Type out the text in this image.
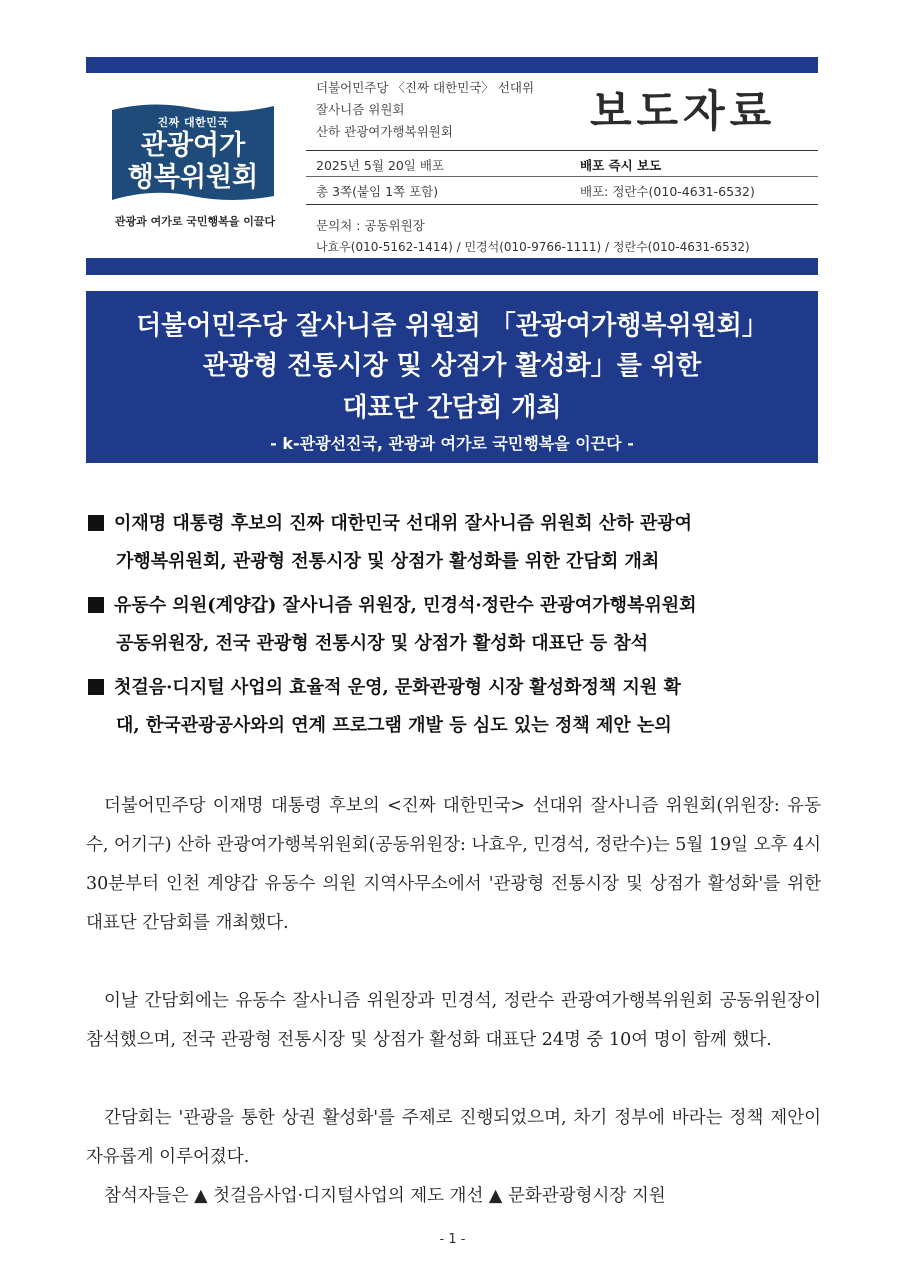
진짜 대한민국
관광여가
행복위원회
관광과 여가로 국민행복을 이끌다
더불어민주당 〈진짜 대한민국〉 선대위
잘사니즘 위원회
산하 관광여가행복위원회	보도자료
2025년 5월 20일 배포	배포 즉시 보도
총 3쪽(붙임 1쪽 포함)	배포: 정란수(010-4631-6532)
문의처 : 공동위원장
나효우(010-5162-1414) / 민경석(010-9766-1111) / 정란수(010-4631-6532)
더불어민주당 잘사니즘 위원회 「관광여가행복위원회」
관광형 전통시장 및 상점가 활성화」를 위한
대표단 간담회 개최
- k-관광선진국, 관광과 여가로 국민행복을 이끈다 -
이재명 대통령 후보의 진짜 대한민국 선대위 잘사니즘 위원회 산하 관광여
가행복위원회, 관광형 전통시장 및 상점가 활성화를 위한 간담회 개최
유동수 의원(계양갑) 잘사니즘 위원장, 민경석·정란수 관광여가행복위원회
공동위원장, 전국 관광형 전통시장 및 상점가 활성화 대표단 등 참석
첫걸음·디지털 사업의 효율적 운영, 문화관광형 시장 활성화정책 지원 확
대, 한국관광공사와의 연계 프로그램 개발 등 심도 있는 정책 제안 논의
더불어민주당 이재명 대통령 후보의 <진짜 대한민국> 선대위 잘사니즘 위원회(위원장: 유동수, 어기구) 산하 관광여가행복위원회(공동위원장: 나효우, 민경석, 정란수)는 5월 19일 오후 4시 30분부터 인천 계양갑 유동수 의원 지역사무소에서 '관광형 전통시장 및 상점가 활성화'를 위한 대표단 간담회를 개최했다.
이날 간담회에는 유동수 잘사니즘 위원장과 민경석, 정란수 관광여가행복위원회 공동위원장이 참석했으며, 전국 관광형 전통시장 및 상점가 활성화 대표단 24명 중 10여 명이 함께 했다.
간담회는 '관광을 통한 상권 활성화'를 주제로 진행되었으며, 차기 정부에 바라는 정책 제안이 자유롭게 이루어졌다.
참석자들은 ▲ 첫걸음사업·디지털사업의 제도 개선 ▲ 문화관광형시장 지원
- 1 -
